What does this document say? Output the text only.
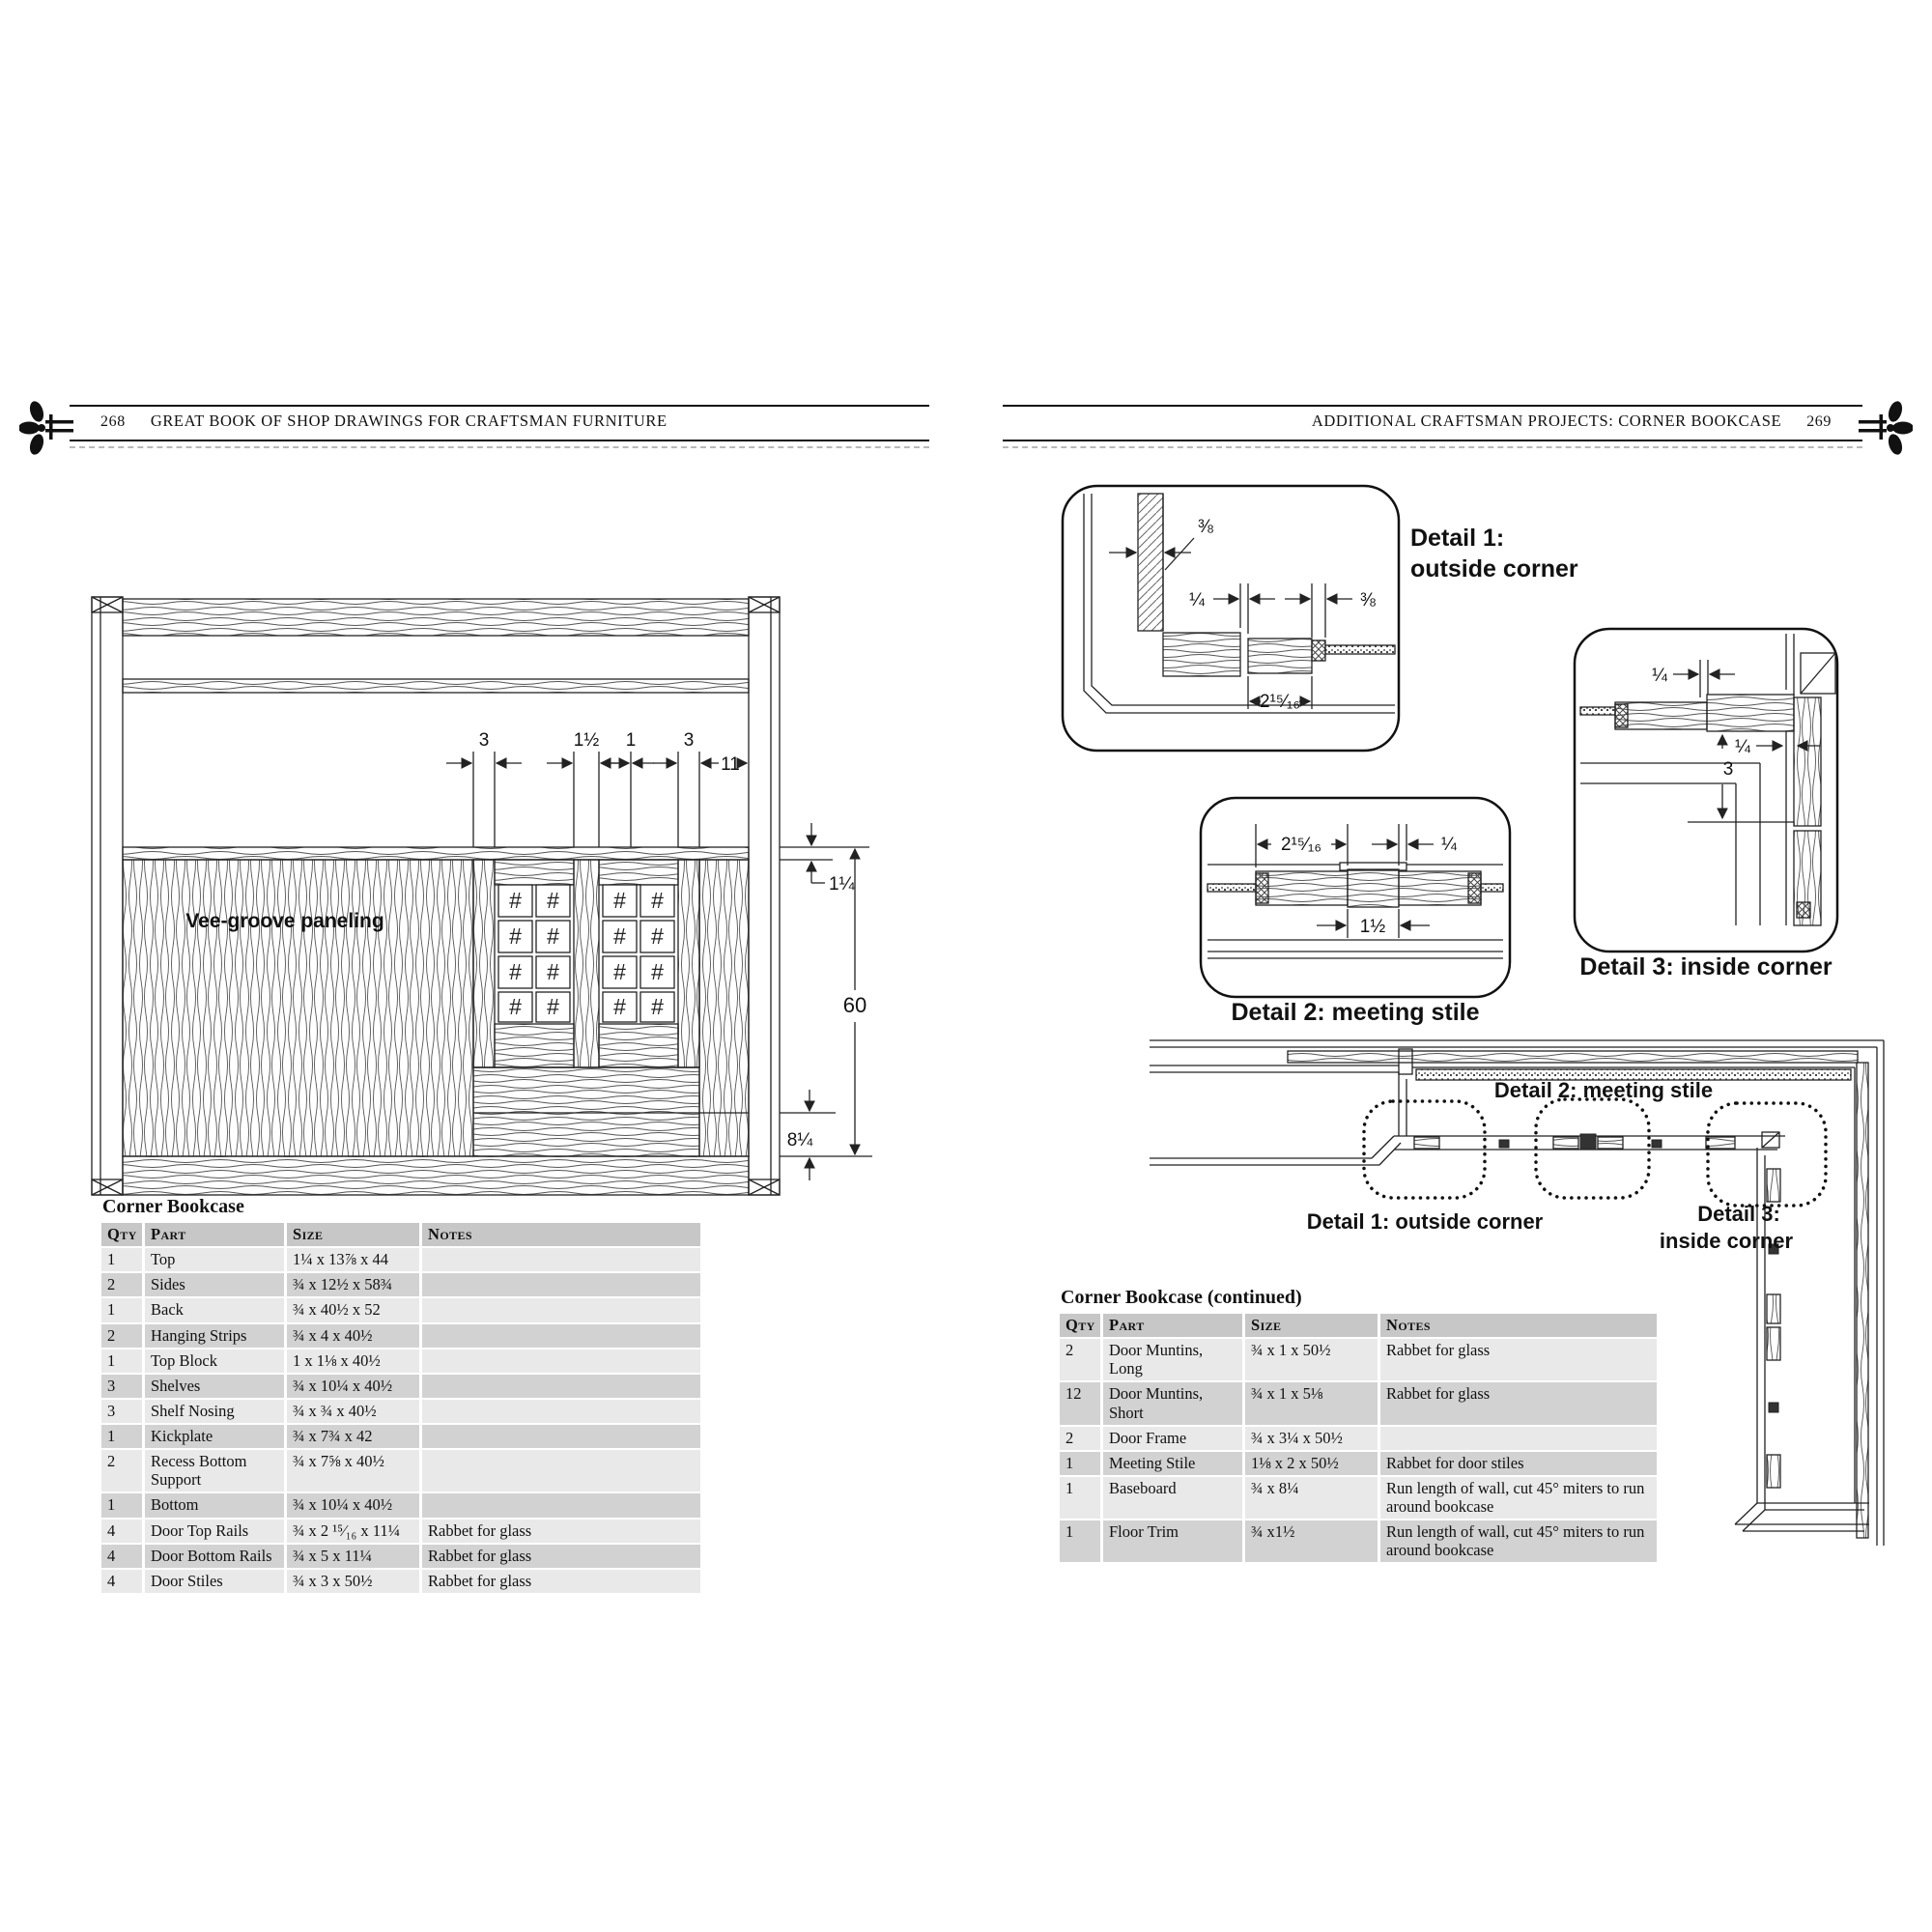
268 GREAT BOOK OF SHOP DRAWINGS FOR CRAFTSMAN FURNITURE	ADDITIONAL CRAFTSMAN PROJECTS: CORNER BOOKCASE 269
Vee-groove paneling
# # # #
# # # #
# # # #
# # # #
3	1½ 1	3
11
1¼
60
8¼
⅜
¼	⅜
2¹⁵⁄₁₆
Detail 1:
outside corner
¼
¼
3
Detail 3: inside corner
2¹⁵⁄₁₆	¼
1½
Detail 2: meeting stile
Detail 2: meeting stile
Detail 1: outside corner	Detail 3:
inside corner
Corner Bookcase
Qty	Part	Size	Notes
1	Top	1¼ x 13⅞ x 44	
2	Sides	¾ x 12½ x 58¾	
1	Back	¾ x 40½ x 52	
2	Hanging Strips	¾ x 4 x 40½	
1	Top Block	1 x 1⅛ x 40½	
3	Shelves	¾ x 10¼ x 40½	
3	Shelf Nosing	¾ x ¾ x 40½	
1	Kickplate	¾ x 7¾ x 42	
2	Recess Bottom Support	¾ x 7⅝ x 40½	
1	Bottom	¾ x 10¼ x 40½	
4	Door Top Rails	¾ x 2 ¹⁵⁄₁₆ x 11¼	Rabbet for glass
4	Door Bottom Rails	¾ x 5 x 11¼	Rabbet for glass
4	Door Stiles	¾ x 3 x 50½	Rabbet for glass
Corner Bookcase (continued)
Qty	Part	Size	Notes
2	Door Muntins, Long	¾ x 1 x 50½	Rabbet for glass
12	Door Muntins, Short	¾ x 1 x 5⅛	Rabbet for glass
2	Door Frame	¾ x 3¼ x 50½	
1	Meeting Stile	1⅛ x 2 x 50½	Rabbet for door stiles
1	Baseboard	¾ x 8¼	Run length of wall, cut 45° miters to run around bookcase
1	Floor Trim	¾ x1½	Run length of wall, cut 45° miters to run around bookcase
